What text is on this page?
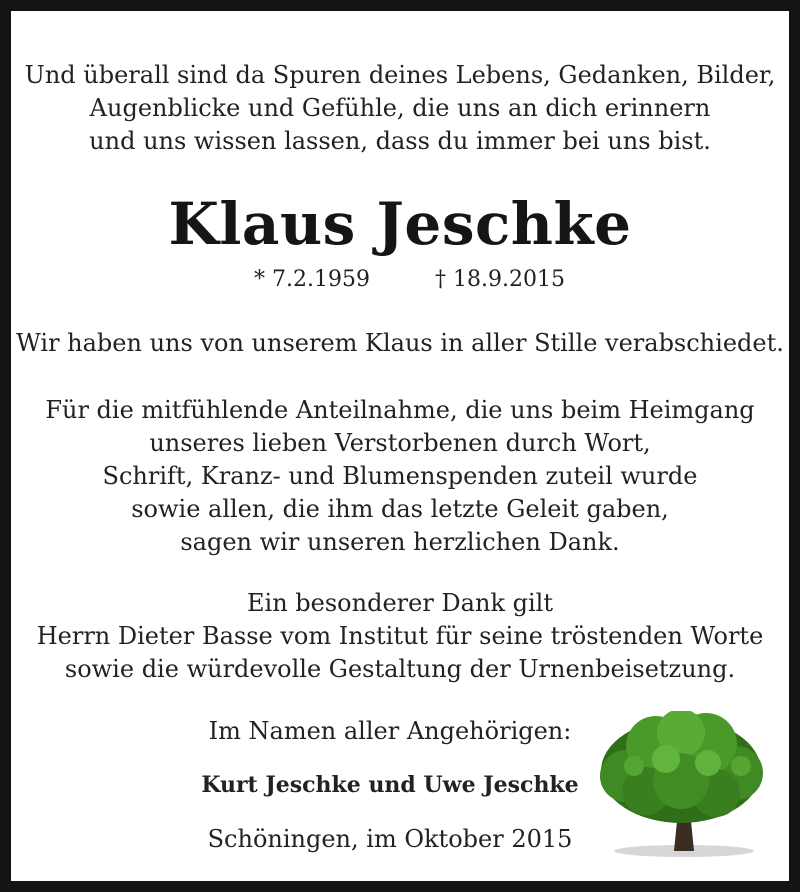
Und überall sind da Spuren deines Lebens, Gedanken, Bilder,
Augenblicke und Gefühle, die uns an dich erinnern
und uns wissen lassen, dass du immer bei uns bist.
Klaus Jeschke
* 7.2.1959	† 18.9.2015
Wir haben uns von unserem Klaus in aller Stille verabschiedet.
Für die mitfühlende Anteilnahme, die uns beim Heimgang
unseres lieben Verstorbenen durch Wort,
Schrift, Kranz- und Blumenspenden zuteil wurde
sowie allen, die ihm das letzte Geleit gaben,
sagen wir unseren herzlichen Dank.
Ein besonderer Dank gilt
Herrn Dieter Basse vom Institut für seine tröstenden Worte
sowie die würdevolle Gestaltung der Urnenbeisetzung.
Im Namen aller Angehörigen:
Kurt Jeschke und Uwe Jeschke
Schöningen, im Oktober 2015
